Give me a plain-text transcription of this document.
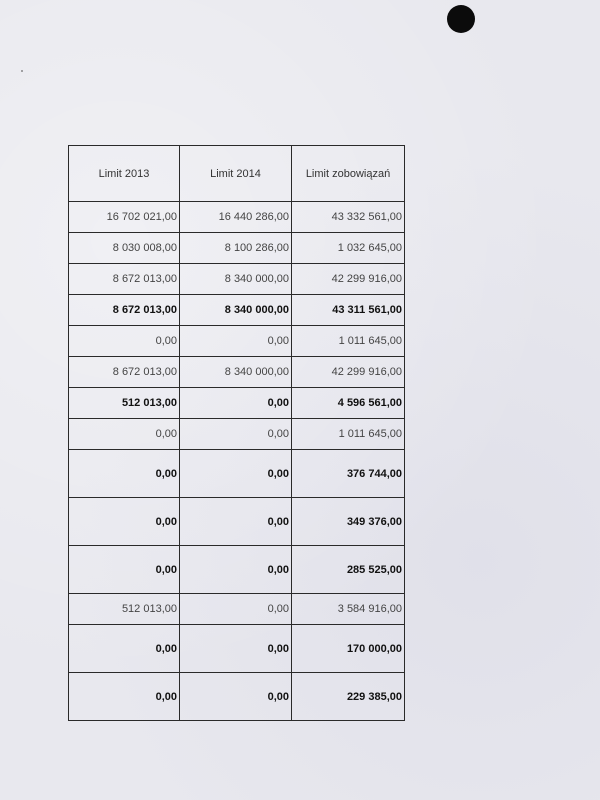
Limit 2013	Limit 2014	Limit zobowiązań
16 702 021,00	16 440 286,00	43 332 561,00
8 030 008,00	8 100 286,00	1 032 645,00
8 672 013,00	8 340 000,00	42 299 916,00
8 672 013,00	8 340 000,00	43 311 561,00
0,00	0,00	1 011 645,00
8 672 013,00	8 340 000,00	42 299 916,00
512 013,00	0,00	4 596 561,00
0,00	0,00	1 011 645,00
0,00	0,00	376 744,00
0,00	0,00	349 376,00
0,00	0,00	285 525,00
512 013,00	0,00	3 584 916,00
0,00	0,00	170 000,00
0,00	0,00	229 385,00
